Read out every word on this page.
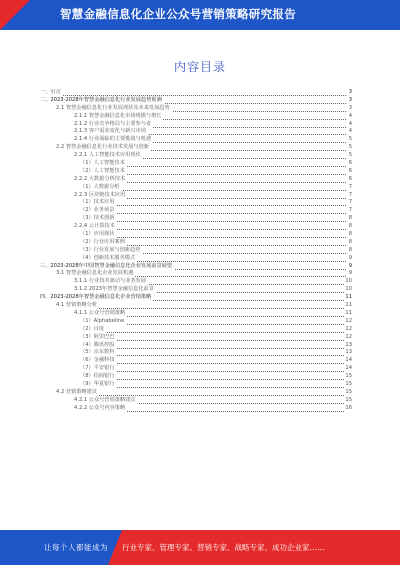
智慧金融信息化企业公众号营销策略研究报告
内容目录
一、引言	3
二、2023-2028年智慧金融信息化行业发展趋势预测	3
2.1 智慧金融信息化行业发展现状及未来发展趋势	3
2.1.1 智慧金融信息化市场规模与增长	4
2.1.2 行业竞争格局与主要参与者	4
2.1.3 客户需求变化与新兴市场	4
2.1.4 行业面临的主要挑战与机遇	5
2.2 智慧金融信息化行业技术发展与创新	5
2.2.1 人工智能技术应用现状	5
（1）人工智能技术	6
（2）人工智能技术	6
2.2.2 大数据分析技术	6
（1）大数据分析	7
2.2.3 区块链技术应用	7
（1）技术应用	7
（2）业务场景	7
（3）技术创新	8
2.2.4 云计算技术	8
（1）应用现状	8
（2）行业应用案例	8
（3）行业发展与创新趋势	8
（4）创新技术服务模式	9
三、2023-2028年中国智慧金融信息化企业发展前景展望	9
3.1 智慧金融信息化企业发展机遇	9
3.1.1 行业技术驱动与业务发展	10
3.1.2 2023年智慧金融信息化前景	10
四、2023-2028年智慧金融信息化企业营销策略	11
4.1 营销策略分析	11
4.1.1 公众号营销策略	11
（1）Alphabeline	12
（2）百度	12
（3）阿里巴巴	12
（4）腾讯控股	13
（5）京东数科	13
（6）金融科技	14
（7）平安银行	14
（8）招商银行	15
（9）华夏银行	15
4.2 营销策略建议	15
4.2.1 公众号营销策略建议	15
4.2.2 公众号内容策略	16
让每个人都能成为 行业专家、管理专家、营销专家、战略专家、成功企业家……
